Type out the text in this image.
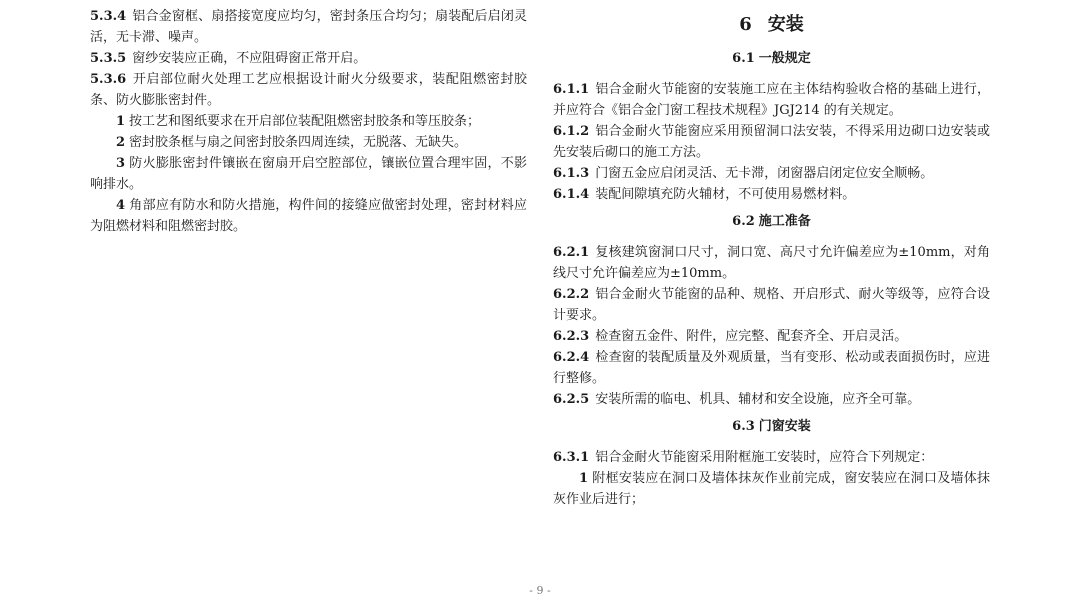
5.3.4 铝合金窗框、扇搭接宽度应均匀，密封条压合均匀；扇装配后启闭灵活，无卡滞、噪声。

5.3.5 窗纱安装应正确，不应阻碍窗正常开启。

5.3.6 开启部位耐火处理工艺应根据设计耐火分级要求，装配阻燃密封胶条、防火膨胀密封件。

1 按工艺和图纸要求在开启部位装配阻燃密封胶条和等压胶条；

2 密封胶条框与扇之间密封胶条四周连续，无脱落、无缺失。

3 防火膨胀密封件镶嵌在窗扇开启空腔部位，镶嵌位置合理牢固，不影响排水。

4 角部应有防水和防火措施，构件间的接缝应做密封处理，密封材料应为阻燃材料和阻燃密封胶。

6 安装
6.1 一般规定

6.1.1 铝合金耐火节能窗的安装施工应在主体结构验收合格的基础上进行，并应符合《铝合金门窗工程技术规程》JGJ214 的有关规定。

6.1.2 铝合金耐火节能窗应采用预留洞口法安装，不得采用边砌口边安装或先安装后砌口的施工方法。

6.1.3 门窗五金应启闭灵活、无卡滞，闭窗器启闭定位安全顺畅。

6.1.4 装配间隙填充防火辅材，不可使用易燃材料。

6.2 施工准备

6.2.1 复核建筑窗洞口尺寸，洞口宽、高尺寸允许偏差应为±10mm，对角线尺寸允许偏差应为±10mm。

6.2.2 铝合金耐火节能窗的品种、规格、开启形式、耐火等级等，应符合设计要求。

6.2.3 检查窗五金件、附件，应完整、配套齐全、开启灵活。

6.2.4 检查窗的装配质量及外观质量，当有变形、松动或表面损伤时，应进行整修。

6.2.5 安装所需的临电、机具、辅材和安全设施，应齐全可靠。

6.3 门窗安装

6.3.1 铝合金耐火节能窗采用附框施工安装时，应符合下列规定：

1 附框安装应在洞口及墙体抹灰作业前完成，窗安装应在洞口及墙体抹灰作业后进行；

- 9 -
